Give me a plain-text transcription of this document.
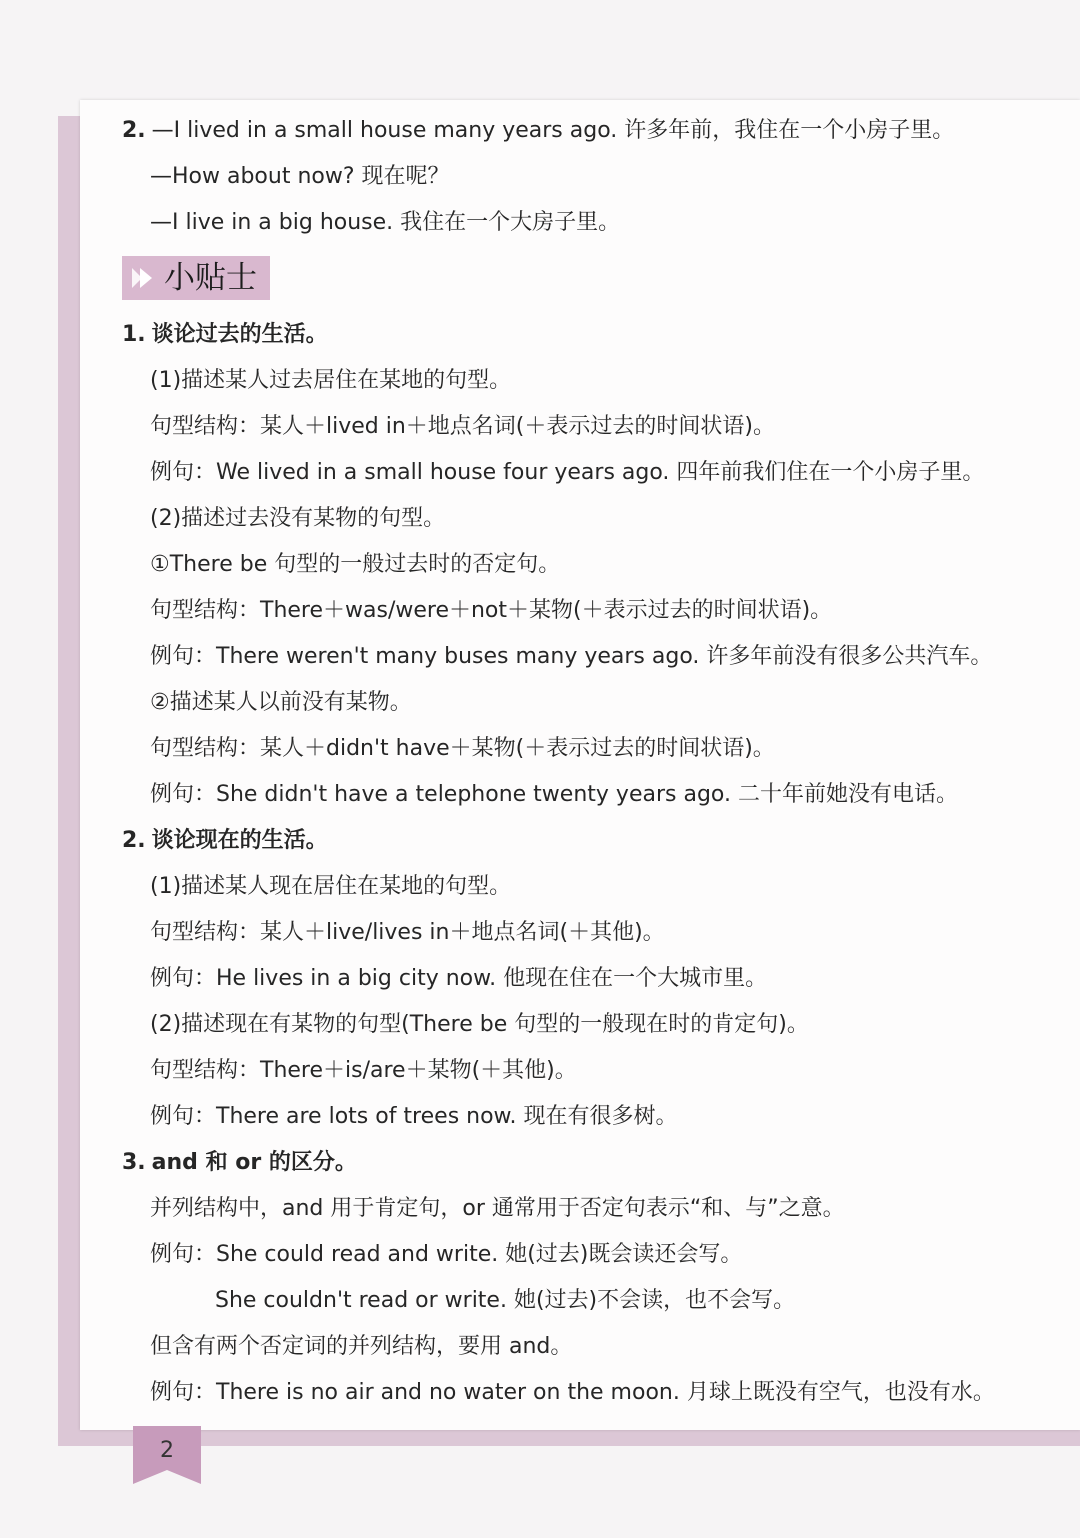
2. —I lived in a small house many years ago. 许多年前，我住在一个小房子里。
—How about now? 现在呢？
—I live in a big house. 我住在一个大房子里。
小贴士
1. 谈论过去的生活。
(1)描述某人过去居住在某地的句型。
句型结构：某人＋lived in＋地点名词(＋表示过去的时间状语)。
例句：We lived in a small house four years ago. 四年前我们住在一个小房子里。
(2)描述过去没有某物的句型。
①There be 句型的一般过去时的否定句。
句型结构：There＋was/were＋not＋某物(＋表示过去的时间状语)。
例句：There weren't many buses many years ago. 许多年前没有很多公共汽车。
②描述某人以前没有某物。
句型结构：某人＋didn't have＋某物(＋表示过去的时间状语)。
例句：She didn't have a telephone twenty years ago. 二十年前她没有电话。
2. 谈论现在的生活。
(1)描述某人现在居住在某地的句型。
句型结构：某人＋live/lives in＋地点名词(＋其他)。
例句：He lives in a big city now. 他现在住在一个大城市里。
(2)描述现在有某物的句型(There be 句型的一般现在时的肯定句)。
句型结构：There＋is/are＋某物(＋其他)。
例句：There are lots of trees now. 现在有很多树。
3. and 和 or 的区分。
并列结构中，and 用于肯定句，or 通常用于否定句表示“和、与”之意。
例句：She could read and write. 她(过去)既会读还会写。
She couldn't read or write. 她(过去)不会读，也不会写。
但含有两个否定词的并列结构，要用 and。
例句：There is no air and no water on the moon. 月球上既没有空气，也没有水。
2
